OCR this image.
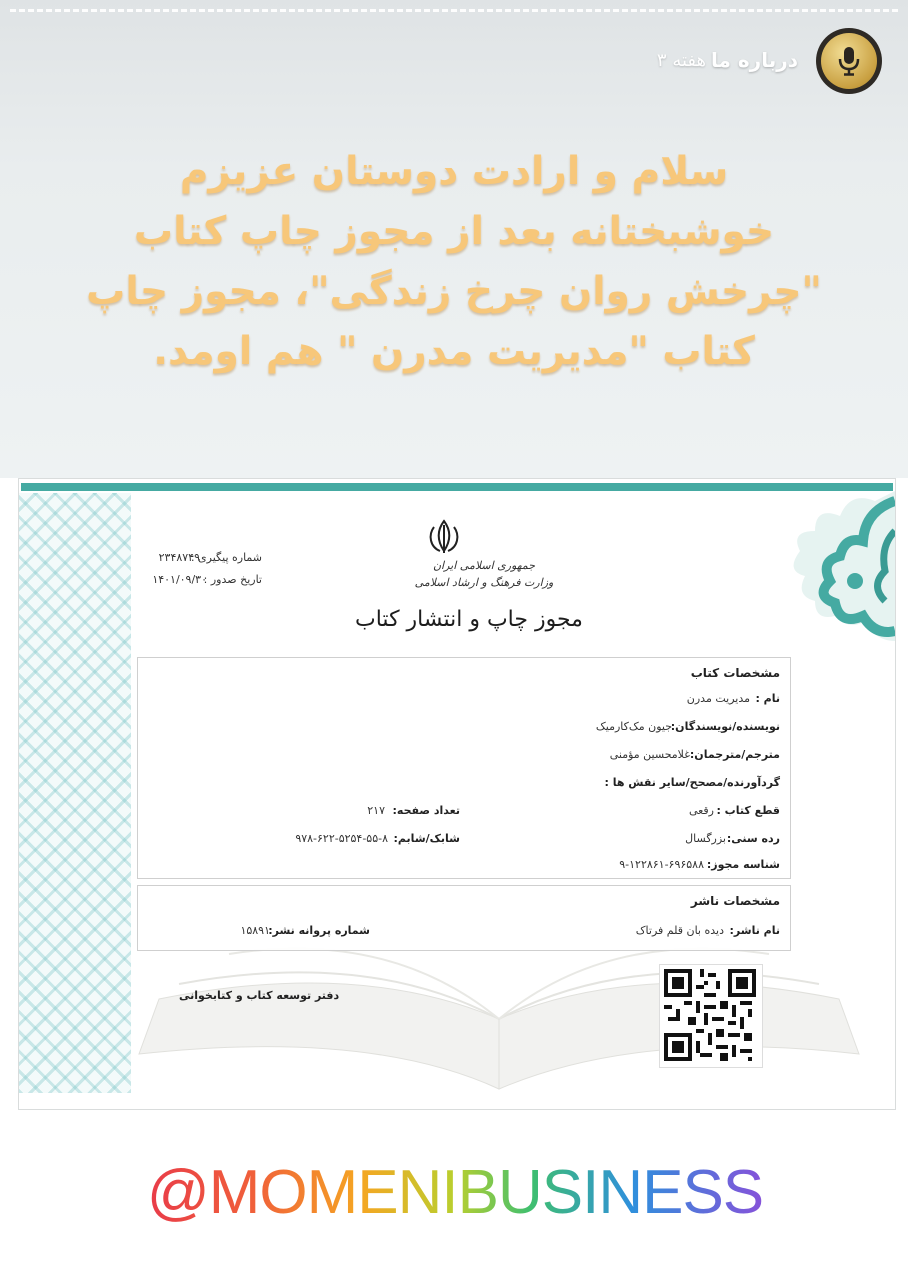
درباره ما
۳ هفته
سلام و ارادت دوستان عزیزم
خوشبختانه بعد از مجوز چاپ کتاب
"چرخش روان چرخ زندگی"، مجوز چاپ
کتاب "مدیریت مدرن " هم اومد.
جمهوری اسلامی ایران
وزارت فرهنگ و ارشاد اسلامی
شماره پیگیری :
۲۳۴۸۷۴۹
تاریخ صدور :
۱۴۰۱/۰۹/۳۰
مجوز چاپ و انتشار کتاب
مشخصات کتاب
نام :
مدیریت مدرن
نویسنده/نویسندگان:
جیون مک‌کارمیک
مترجم/مترجمان:
غلامحسین مؤمنی
گردآورنده/مصحح/سایر نقش ها :
قطع کتاب :
رقعی
تعداد صفحه:
۲۱۷
رده سنی:
بزرگسال
شابک/شابم:
۹۷۸-۶۲۲-۵۲۵۴-۵۵-۸
شناسه مجوز:
۹-۱۲۲۸۶۱-۶۹۶۵۸۸
مشخصات ناشر
نام ناشر:
دیده بان قلم فرتاک
شماره پروانه نشر:
۱۵۸۹۱
دفتر توسعه کتاب و کتابخوانی
@MOMENIBUSINESS
